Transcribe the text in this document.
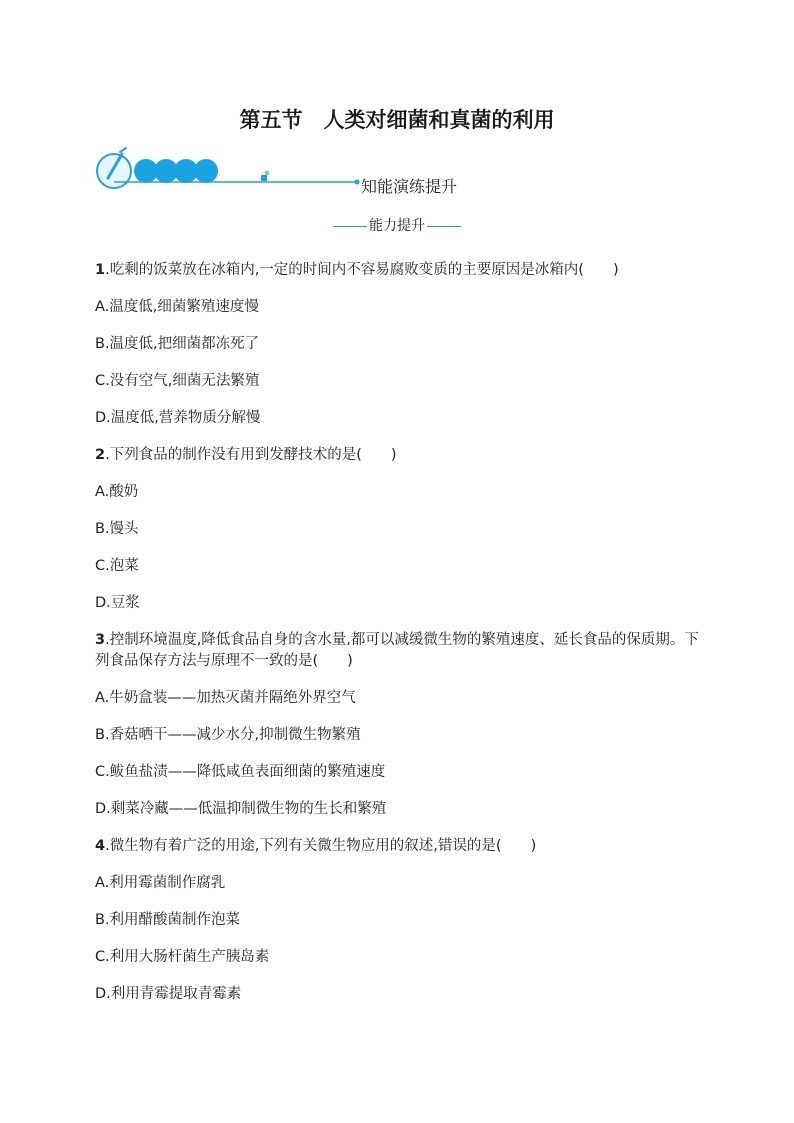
第五节　人类对细菌和真菌的利用
知能演练提升
能力提升
1.吃剩的饭菜放在冰箱内,一定的时间内不容易腐败变质的主要原因是冰箱内(　　)
A.温度低,细菌繁殖速度慢
B.温度低,把细菌都冻死了
C.没有空气,细菌无法繁殖
D.温度低,营养物质分解慢
2.下列食品的制作没有用到发酵技术的是(　　)
A.酸奶
B.馒头
C.泡菜
D.豆浆
3.控制环境温度,降低食品自身的含水量,都可以减缓微生物的繁殖速度、延长食品的保质期。下列食品保存方法与原理不一致的是(　　)
A.牛奶盒装——加热灭菌并隔绝外界空气
B.香菇晒干——减少水分,抑制微生物繁殖
C.鲅鱼盐渍——降低咸鱼表面细菌的繁殖速度
D.剩菜冷藏——低温抑制微生物的生长和繁殖
4.微生物有着广泛的用途,下列有关微生物应用的叙述,错误的是(　　)
A.利用霉菌制作腐乳
B.利用醋酸菌制作泡菜
C.利用大肠杆菌生产胰岛素
D.利用青霉提取青霉素
